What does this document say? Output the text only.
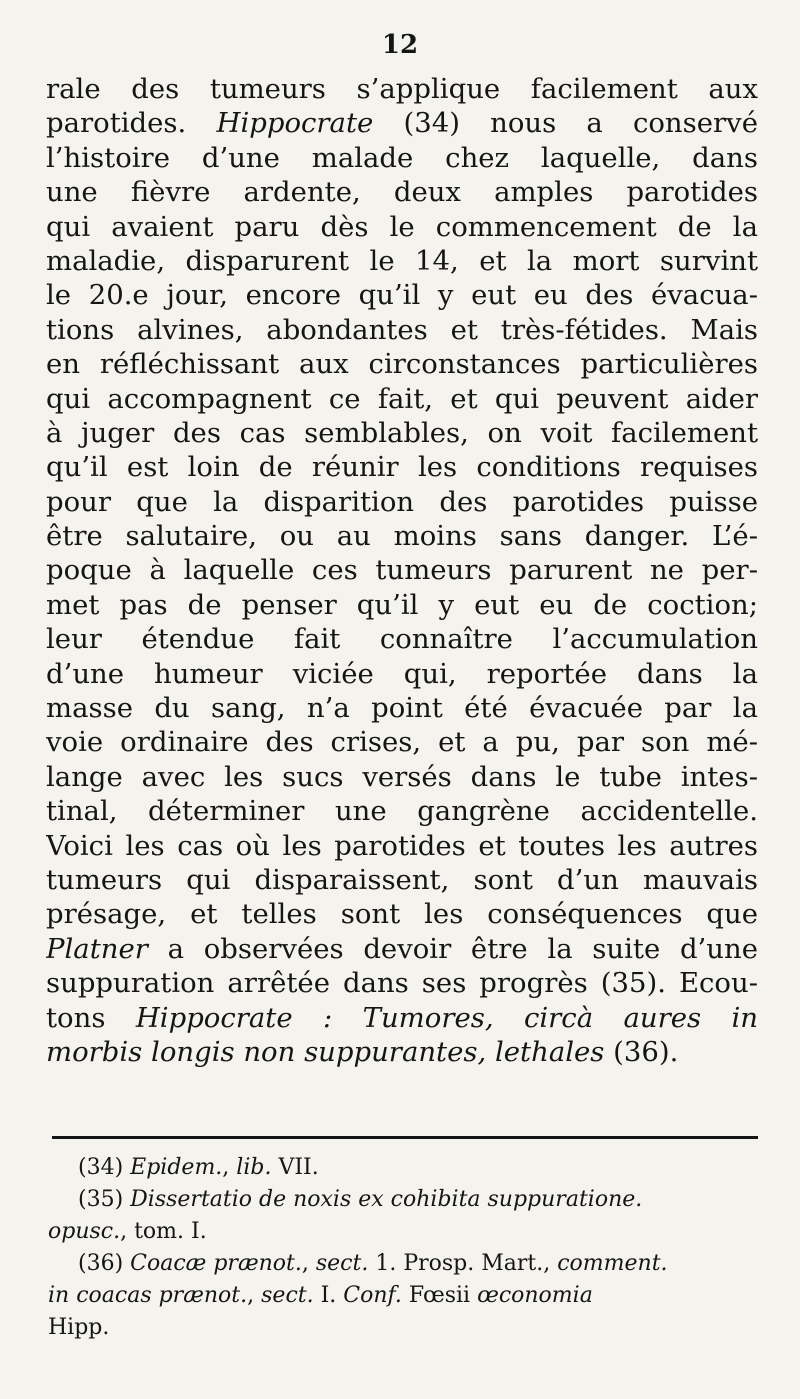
12
rale des tumeurs s’applique facilement aux
parotides. Hippocrate (34) nous a conservé
l’histoire d’une malade chez laquelle, dans
une fièvre ardente, deux amples parotides
qui avaient paru dès le commencement de la
maladie, disparurent le 14, et la mort survint
le 20.e jour, encore qu’il y eut eu des évacua-
tions alvines, abondantes et très-fétides. Mais
en réfléchissant aux circonstances particulières
qui accompagnent ce fait, et qui peuvent aider
à juger des cas semblables, on voit facilement
qu’il est loin de réunir les conditions requises
pour que la disparition des parotides puisse
être salutaire, ou au moins sans danger. L’é-
poque à laquelle ces tumeurs parurent ne per-
met pas de penser qu’il y eut eu de coction;
leur étendue fait connaître l’accumulation
d’une humeur viciée qui, reportée dans la
masse du sang, n’a point été évacuée par la
voie ordinaire des crises, et a pu, par son mé-
lange avec les sucs versés dans le tube intes-
tinal, déterminer une gangrène accidentelle.
Voici les cas où les parotides et toutes les autres
tumeurs qui disparaissent, sont d’un mauvais
présage, et telles sont les conséquences que
Platner a observées devoir être la suite d’une
suppuration arrêtée dans ses progrès (35). Ecou-
tons Hippocrate : Tumores, circà aures in
morbis longis non suppurantes, lethales (36).
(34) Epidem., lib. VII.
(35) Dissertatio de noxis ex cohibita suppuratione.
opusc., tom. I.
(36) Coacæ prænot., sect. 1. Prosp. Mart., comment.
in coacas prænot., sect. I. Conf. Fœsii œconomia
Hipp.
